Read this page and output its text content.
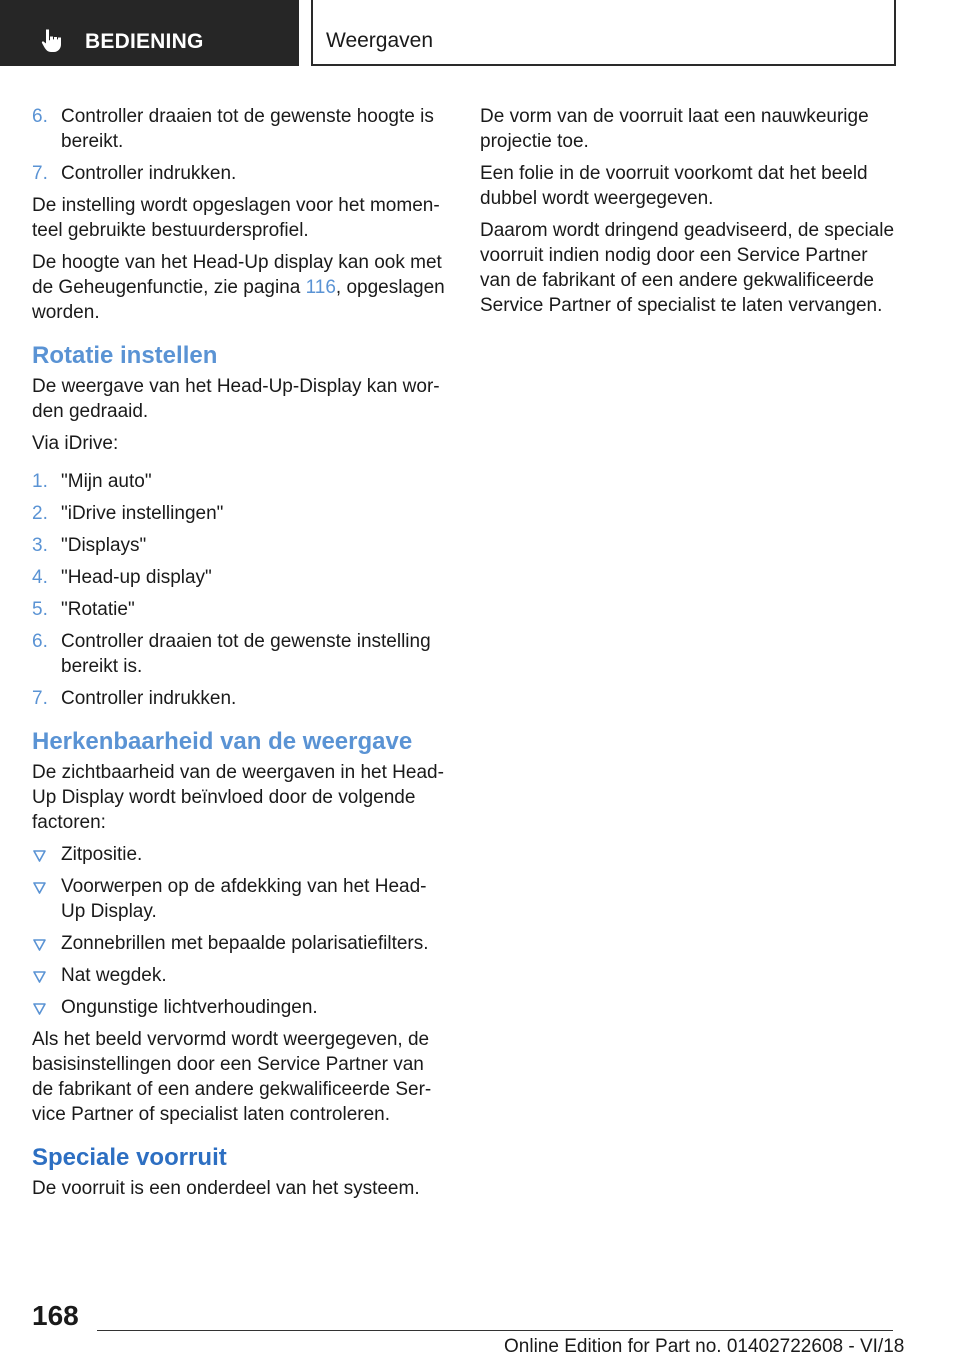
BEDIENING	Weergaven
6. Controller draaien tot de gewenste hoogte is bereikt.
7. Controller indrukken.

De instelling wordt opgeslagen voor het momen-teel gebruikte bestuurdersprofiel.

De hoogte van het Head-Up display kan ook met de Geheugenfunctie, zie pagina 116, opgeslagen worden.

Rotatie instellen

De weergave van het Head-Up-Display kan wor-den gedraaid.

Via iDrive:

1. "Mijn auto"
2. "iDrive instellingen"
3. "Displays"
4. "Head-up display"
5. "Rotatie"
6. Controller draaien tot de gewenste instelling bereikt is.
7. Controller indrukken.
Herkenbaarheid van de weergave

De zichtbaarheid van de weergaven in het Head-Up Display wordt beïnvloed door de volgende factoren:

Zitpositie.
Voorwerpen op de afdekking van het Head-Up Display.
Zonnebrillen met bepaalde polarisatiefilters.
Nat wegdek.
Ongunstige lichtverhoudingen.

Als het beeld vervormd wordt weergegeven, de basisinstellingen door een Service Partner van de fabrikant of een andere gekwalificeerde Ser-vice Partner of specialist laten controleren.

Speciale voorruit

De voorruit is een onderdeel van het systeem.

De vorm van de voorruit laat een nauwkeurige projectie toe.

Een folie in de voorruit voorkomt dat het beeld dubbel wordt weergegeven.

Daarom wordt dringend geadviseerd, de speciale voorruit indien nodig door een Service Partner van de fabrikant of een andere gekwalificeerde Service Partner of specialist te laten vervangen.

168
Online Edition for Part no. 01402722608 - VI/18
